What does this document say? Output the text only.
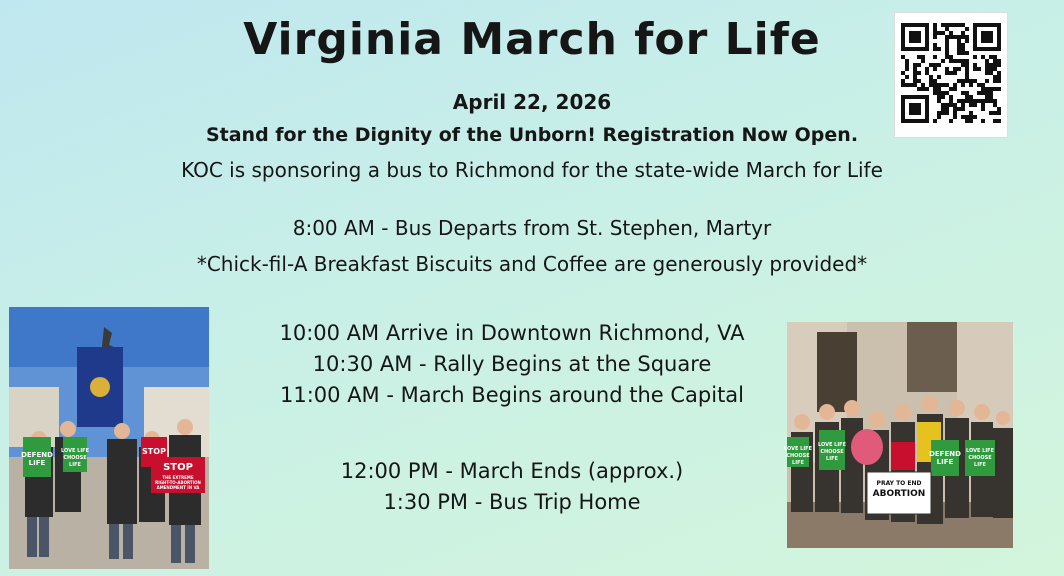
Virginia March for Life
April 22, 2026
Stand for the Dignity of the Unborn! Registration Now Open.
KOC is sponsoring a bus to Richmond for the state-wide March for Life
8:00 AM - Bus Departs from St. Stephen, Martyr
*Chick-fil-A Breakfast Biscuits and Coffee are generously provided*
10:00 AM Arrive in Downtown Richmond, VA
10:30 AM - Rally Begins at the Square
11:00 AM - March Begins around the Capital
12:00 PM - March Ends (approx.)
1:30 PM - Bus Trip Home
DEFEND LIFE
LOVE LIFE CHOOSE LIFE
STOP
STOP THE EXTREME RIGHT-TO-ABORTION AMENDMENT IN VA
LOVE LIFE CHOOSE LIFE
LOVE LIFE CHOOSE LIFE
DEFEND LIFE
LOVE LIFE CHOOSE LIFE
PRAY TO END ABORTION
